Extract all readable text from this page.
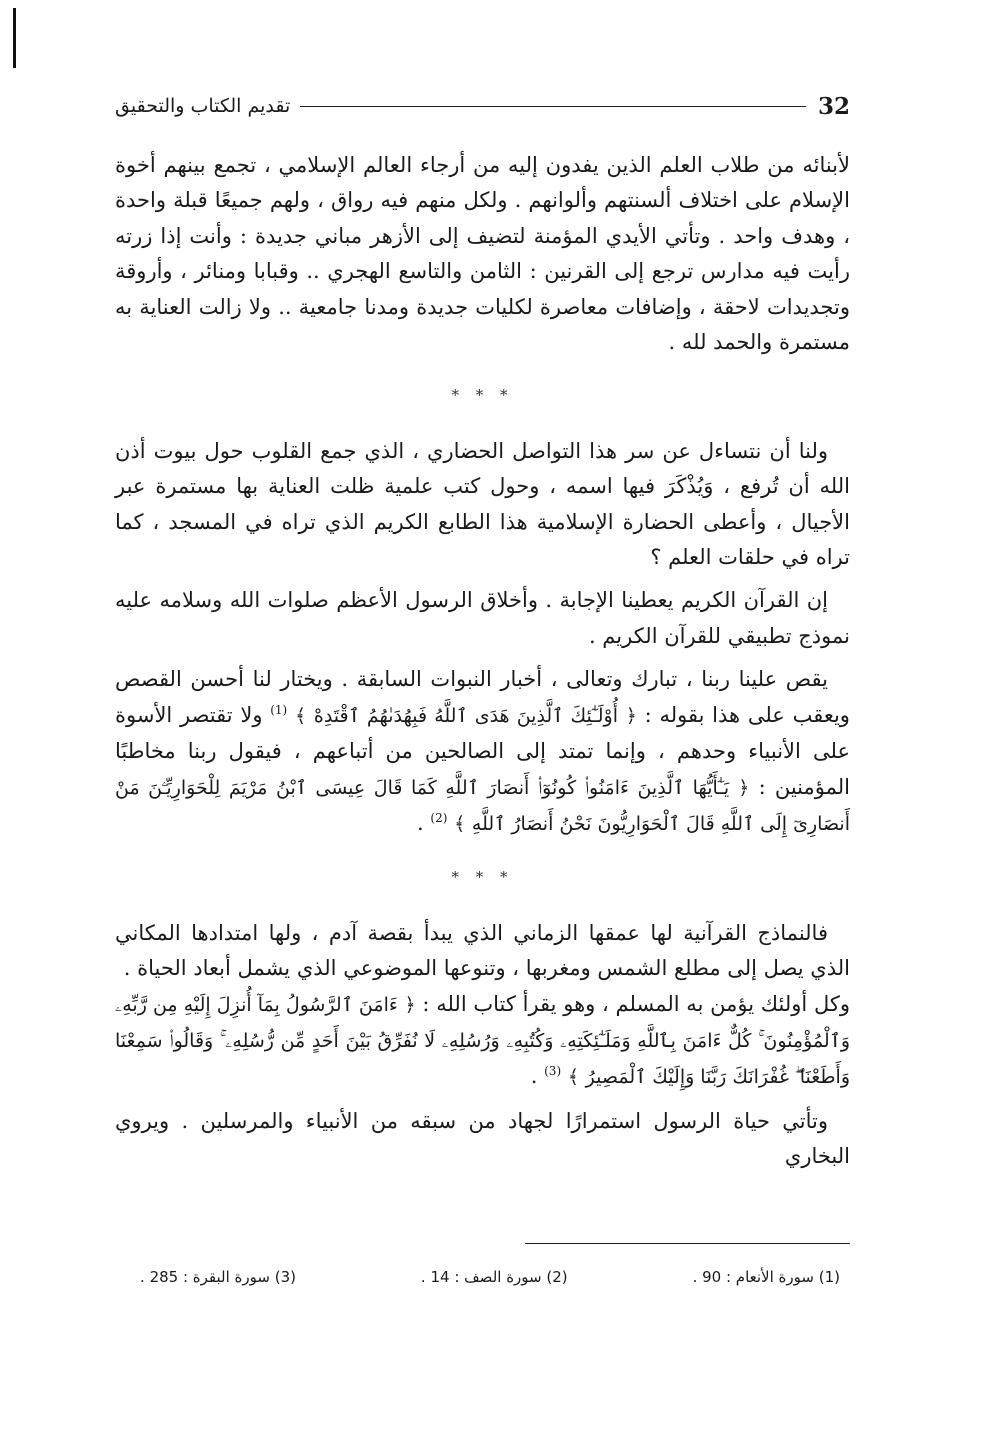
32
تقديم الكتاب والتحقيق

لأبنائه من طلاب العلم الذين يفدون إليه من أرجاء العالم الإسلامي ، تجمع بينهم أخوة الإسلام على اختلاف ألسنتهم وألوانهم . ولكل منهم فيه رواق ، ولهم جميعًا قبلة واحدة ، وهدف واحد . وتأتي الأيدي المؤمنة لتضيف إلى الأزهر مباني جديدة : وأنت إذا زرته رأيت فيه مدارس ترجع إلى القرنين : الثامن والتاسع الهجري .. وقبابا ومنائر ، وأروقة وتجديدات لاحقة ، وإضافات معاصرة لكليات جديدة ومدنا جامعية .. ولا زالت العناية به مستمرة والحمد لله .

* * *

ولنا أن نتساءل عن سر هذا التواصل الحضاري ، الذي جمع القلوب حول بيوت أذن الله أن تُرفع ، وَيُذْكَرَ فيها اسمه ، وحول كتب علمية ظلت العناية بها مستمرة عبر الأجيال ، وأعطى الحضارة الإسلامية هذا الطابع الكريم الذي تراه في المسجد ، كما تراه في حلقات العلم ؟

إن القرآن الكريم يعطينا الإجابة . وأخلاق الرسول الأعظم صلوات الله وسلامه عليه نموذج تطبيقي للقرآن الكريم .

يقص علينا ربنا ، تبارك وتعالى ، أخبار النبوات السابقة . ويختار لنا أحسن القصص ويعقب على هذا بقوله : ﴿ أُوْلَـٰٓئِكَ ٱلَّذِينَ هَدَى ٱللَّهُ فَبِهُدَىٰهُمُ ٱقْتَدِهْ ﴾ $^{(1)}$ ولا تقتصر الأسوة على الأنبياء وحدهم ، وإنما تمتد إلى الصالحين من أتباعهم ، فيقول ربنا مخاطبًا المؤمنين : ﴿ يَـٰٓأَيُّهَا ٱلَّذِينَ ءَامَنُوا۟ كُونُوٓا۟ أَنصَارَ ٱللَّهِ كَمَا قَالَ عِيسَى ٱبْنُ مَرْيَمَ لِلْحَوَارِيِّـۧنَ مَنْ أَنصَارِىٓ إِلَى ٱللَّهِ قَالَ ٱلْحَوَارِيُّونَ نَحْنُ أَنصَارُ ٱللَّهِ ﴾ $^{(2)}$ .

* * *

فالنماذج القرآنية لها عمقها الزماني الذي يبدأ بقصة آدم ، ولها امتدادها المكاني الذي يصل إلى مطلع الشمس ومغربها ، وتنوعها الموضوعي الذي يشمل أبعاد الحياة .

وكل أولئك يؤمن به المسلم ، وهو يقرأ كتاب الله : ﴿ ءَامَنَ ٱلرَّسُولُ بِمَآ أُنزِلَ إِلَيْهِ مِن رَّبِّهِۦ وَٱلْمُؤْمِنُونَ ۚ كُلٌّ ءَامَنَ بِٱللَّهِ وَمَلَـٰٓئِكَتِهِۦ وَكُتُبِهِۦ وَرُسُلِهِۦ لَا نُفَرِّقُ بَيْنَ أَحَدٍ مِّن رُّسُلِهِۦ ۚ وَقَالُوا۟ سَمِعْنَا وَأَطَعْنَا ۖ غُفْرَانَكَ رَبَّنَا وَإِلَيْكَ ٱلْمَصِيرُ ﴾ $^{(3)}$ .

وتأتي حياة الرسول استمرارًا لجهاد من سبقه من الأنبياء والمرسلين . ويروي البخاري

(1) سورة الأنعام : 90 .
(2) سورة الصف : 14 .
(3) سورة البقرة : 285 .
